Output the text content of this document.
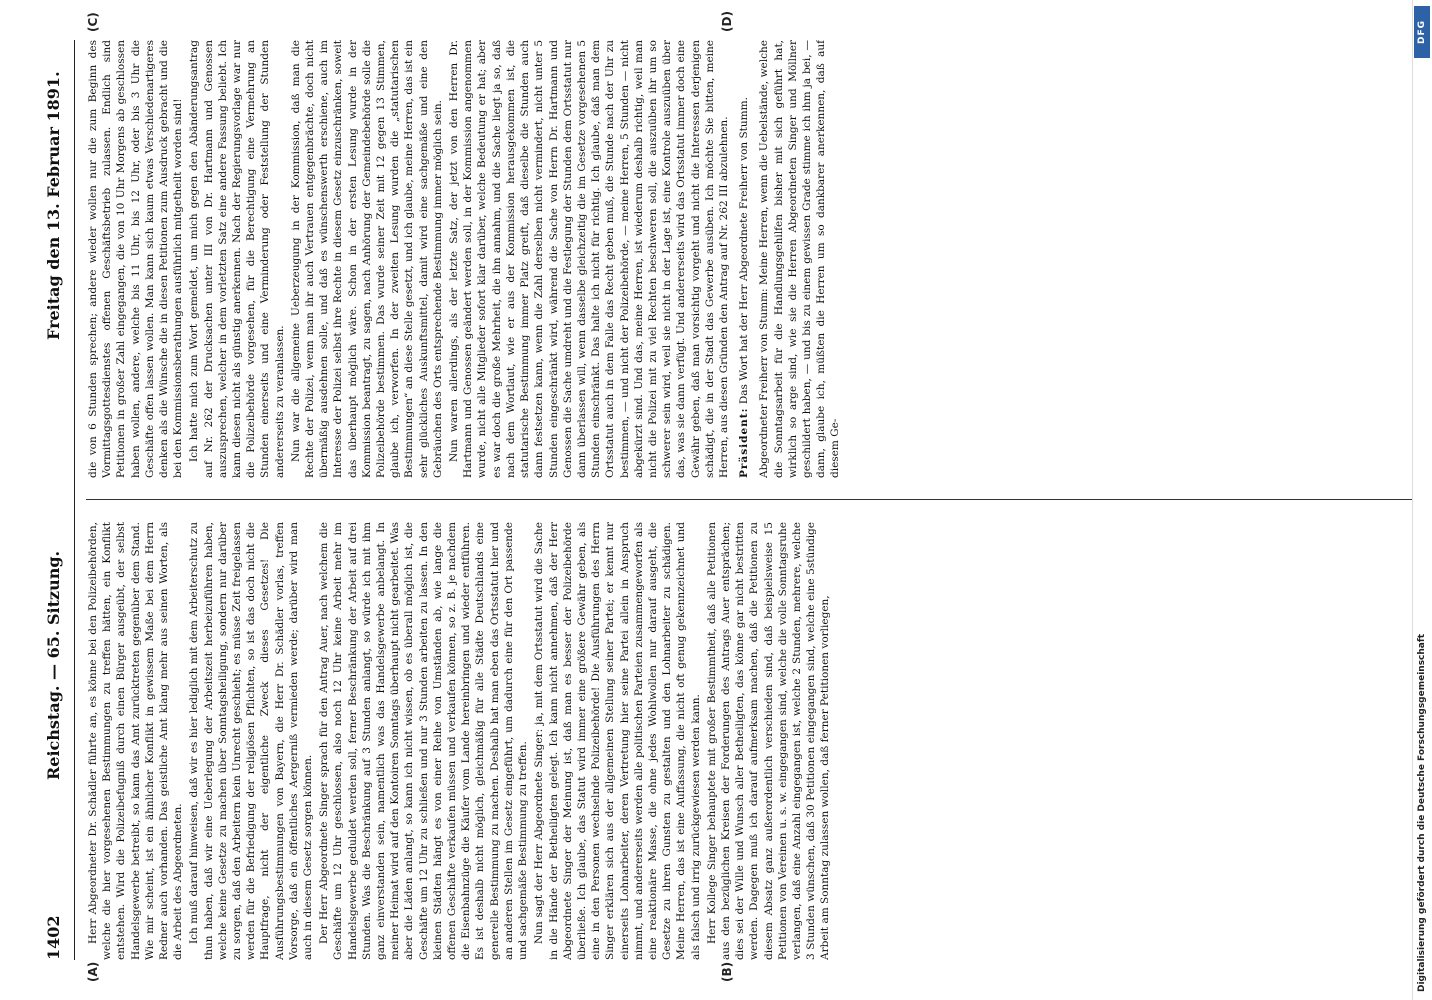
1402
Reichstag. — 65. Sitzung.
Freitag den 13. Februar 1891.
(A)	(B)
(C)	(D)

Herr Abgeordneter Dr. Schädler führte an, es könne bei den Polizeibehörden, welche die hier vorgesehenen Bestimmungen zu treffen hätten, ein Konflikt entstehen. Wird die Polizeibefugniß durch einen Bürger ausgeübt, der selbst Handelsgewerbe betreibt, so kann das Amt zurücktreten gegenüber dem Stand. Wie mir scheint, ist ein ähnlicher Konflikt in gewissem Maße bei dem Herrn Redner auch vorhanden. Das geistliche Amt klang mehr aus seinen Worten, als die Arbeit des Abgeordneten. Ich muß darauf hinweisen, daß wir es hier lediglich mit dem Arbeiterschutz zu thun haben, daß wir eine Ueberlegung der Arbeitszeit herbeizuführen haben, welche keine Gesetze zu machen über Sonntagsheiligung, sondern nur darüber zu sorgen, daß den Arbeitern kein Unrecht geschieht; es müsse Zeit freigelassen werden für die Befriedigung der religiösen Pflichten, so ist das doch nicht die Hauptfrage, nicht der eigentliche Zweck dieses Gesetzes! Die Ausführungsbestimmungen von Bayern, die Herr Dr. Schädler vorlas, treffen Vorsorge, daß ein öffentliches Aergerniß vermieden werde; darüber wird man auch in diesem Gesetz sorgen können. Der Herr Abgeordnete Singer sprach für den Antrag Auer, nach welchem die Geschäfte um 12 Uhr geschlossen, also noch 12 Uhr keine Arbeit mehr im Handelsgewerbe geduldet werden soll, ferner Beschränkung der Arbeit auf drei Stunden. Was die Beschränkung auf 3 Stunden anlangt, so würde ich mit ihm ganz einverstanden sein, namentlich was das Handelsgewerbe anbelangt. In meiner Heimat wird auf den Kontoiren Sonntags überhaupt nicht gearbeitet. Was aber die Läden anlangt, so kann ich nicht wissen, ob es überall möglich ist, die Geschäfte um 12 Uhr zu schließen und nur 3 Stunden arbeiten zu lassen. In den kleinen Städten hängt es von einer Reihe von Umständen ab, wie lange die offenen Geschäfte verkaufen müssen und verkaufen können, so z. B. je nachdem die Eisenbahnzüge die Käufer vom Lande hereinbringen und wieder entführen. Es ist deshalb nicht möglich, gleichmäßig für alle Städte Deutschlands eine generelle Bestimmung zu machen. Deshalb hat man eben das Ortsstatut hier und an anderen Stellen im Gesetz eingeführt, um dadurch eine für den Ort passende und sachgemäße Bestimmung zu treffen. Nun sagt der Herr Abgeordnete Singer: ja, mit dem Ortsstatut wird die Sache in die Hände der Betheiligten gelegt. Ich kann nicht annehmen, daß der Herr Abgeordnete Singer der Meinung ist, daß man es besser der Polizeibehörde überließe. Ich glaube, das Statut wird immer eine größere Gewähr geben, als eine in den Personen wechselnde Polizeibehörde! Die Ausführungen des Herrn Singer erklären sich aus der allgemeinen Stellung seiner Partei; er kennt nur einerseits Lohnarbeiter, deren Vertretung hier seine Partei allein in Anspruch nimmt, und andererseits werden alle politischen Parteien zusammengeworfen als eine reaktionäre Masse, die ohne jedes Wohlwollen nur darauf ausgeht, die Gesetze zu ihren Gunsten zu gestalten und den Lohnarbeiter zu schädigen. Meine Herren, das ist eine Auffassung, die nicht oft genug gekennzeichnet und als falsch und irrig zurückgewiesen werden kann. Herr Kollege Singer behauptete mit großer Bestimmtheit, daß alle Petitionen aus den bezüglichen Kreisen der Forderungen des Antrags Auer entsprächen; dies sei der Wille und Wunsch aller Betheiligten, das könne gar nicht bestritten werden. Dagegen muß ich darauf aufmerksam machen, daß die Petitionen zu diesem Absatz ganz außerordentlich verschieden sind, daß beispielsweise 15 Petitionen von Vereinen u. s. w. eingegangen sind, welche die volle Sonntagsruhe verlangen, daß eine Anzahl eingegangen ist, welche 2 Stunden, mehrere, welche 3 Stunden wünschen, daß 30 Petitionen eingegangen sind, welche eine 5stündige Arbeit am Sonntag zulassen wollen, daß ferner Petitionen vorliegen,

die von 6 Stunden sprechen; andere wieder wollen nur die zum Beginn des Vormittagsgottesdienstes offenen Geschäftsbetrieb zulassen. Endlich sind Petitionen in großer Zahl eingegangen, die von 10 Uhr Morgens ab geschlossen haben wollen, andere, welche bis 11 Uhr, bis 12 Uhr, oder bis 3 Uhr die Geschäfte offen lassen wollen. Man kann sich kaum etwas Verschiedenartigeres denken als die Wünsche die in diesen Petitionen zum Ausdruck gebracht und die bei den Kommissionsberathungen ausführlich mitgetheilt worden sind! Ich hatte mich zum Wort gemeldet, um mich gegen den Abänderungsantrag auf Nr. 262 der Drucksachen unter III von Dr. Hartmann und Genossen auszusprechen, welcher in dem vorletzten Satz eine andere Fassung beliebt. Ich kann diesen nicht als günstig anerkennen. Nach der Regierungsvorlage war nur die Polizeibehörde vorgesehen, für die Berechtigung eine Vermehrung an Stunden einerseits und eine Verminderung oder Feststellung der Stunden andererseits zu veranlassen. Nun war die allgemeine Ueberzeugung in der Kommission, daß man die Rechte der Polizei, wenn man ihr auch Vertrauen entgegenbrächte, doch nicht übermäßig ausdehnen solle, und daß es wünschenswerth erschiene, auch im Interesse der Polizei selbst ihre Rechte in diesem Gesetz einzuschränken, soweit das überhaupt möglich wäre. Schon in der ersten Lesung wurde in der Kommission beantragt, zu sagen, nach Anhörung der Gemeindebehörde solle die Polizeibehörde bestimmen. Das wurde seiner Zeit mit 12 gegen 13 Stimmen, glaube ich, verworfen. In der zweiten Lesung wurden die „statutarischen Bestimmungen“ an diese Stelle gesetzt, und ich glaube, meine Herren, das ist ein sehr glückliches Auskunftsmittel, damit wird eine sachgemäße und eine den Gebräuchen des Orts entsprechende Bestimmung immer möglich sein. Nun waren allerdings, als der letzte Satz, der jetzt von den Herren Dr. Hartmann und Genossen geändert werden soll, in der Kommission angenommen wurde, nicht alle Mitglieder sofort klar darüber, welche Bedeutung er hat; aber es war doch die große Mehrheit, die ihn annahm, und die Sache liegt ja so, daß nach dem Wortlaut, wie er aus der Kommission herausgekommen ist, die statutarische Bestimmung immer Platz greift, daß dieselbe die Stunden auch dann festsetzen kann, wenn die Zahl derselben nicht vermindert, nicht unter 5 Stunden eingeschränkt wird, während die Sache von Herrn Dr. Hartmann und Genossen die Sache umdreht und die Festlegung der Stunden dem Ortsstatut nur dann überlassen will, wenn dasselbe gleichzeitig die im Gesetze vorgesehenen 5 Stunden einschränkt. Das halte ich nicht für richtig. Ich glaube, daß man dem Ortsstatut auch in dem Falle das Recht geben muß, die Stunde nach der Uhr zu bestimmen, — und nicht der Polizeibehörde, — meine Herren, 5 Stunden — nicht abgekürzt sind. Und das, meine Herren, ist wiederum deshalb richtig, weil man nicht die Polizei mit zu viel Rechten beschweren soll, die auszuüben ihr um so schwerer sein wird, weil sie nicht in der Lage ist, eine Kontrole auszuüben über das, was sie dann verfügt. Und andererseits wird das Ortsstatut immer doch eine Gewähr geben, daß man vorsichtig vorgeht und nicht die Interessen derjenigen schädigt, die in der Stadt das Gewerbe ausüben. Ich möchte Sie bitten, meine Herren, aus diesen Gründen den Antrag auf Nr. 262 III abzulehnen. Präsident: Das Wort hat der Herr Abgeordnete Freiherr von Stumm. Abgeordneter Freiherr von Stumm: Meine Herren, wenn die Uebelstände, welche die Sonntagsarbeit für die Handlungsgehilfen bisher mit sich geführt hat, wirklich so arge sind, wie sie die Herren Abgeordneten Singer und Möllner geschildert haben, — und bis zu einem gewissen Grade stimme ich ihm ja bei, — dann, glaube ich, müßten die Herren um so dankbarer anerkennen, daß auf diesem Ge-

DFG
Digitalisierung gefördert durch die Deutsche Forschungsgemeinschaft
